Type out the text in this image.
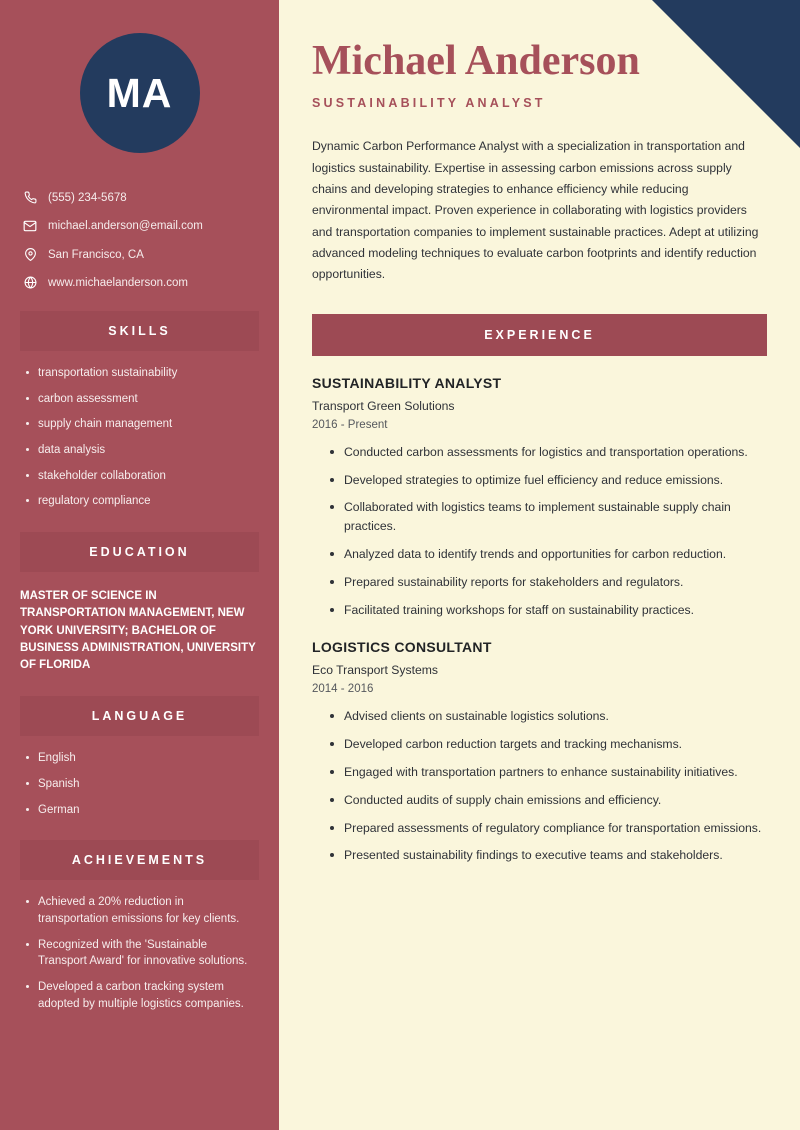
MA
(555) 234-5678
michael.anderson@email.com
San Francisco, CA
www.michaelanderson.com
SKILLS
transportation sustainability
carbon assessment
supply chain management
data analysis
stakeholder collaboration
regulatory compliance
EDUCATION
MASTER OF SCIENCE IN TRANSPORTATION MANAGEMENT, NEW YORK UNIVERSITY; BACHELOR OF BUSINESS ADMINISTRATION, UNIVERSITY OF FLORIDA
LANGUAGE
English
Spanish
German
ACHIEVEMENTS
Achieved a 20% reduction in transportation emissions for key clients.
Recognized with the 'Sustainable Transport Award' for innovative solutions.
Developed a carbon tracking system adopted by multiple logistics companies.
Michael Anderson
SUSTAINABILITY ANALYST

Dynamic Carbon Performance Analyst with a specialization in transportation and logistics sustainability. Expertise in assessing carbon emissions across supply chains and developing strategies to enhance efficiency while reducing environmental impact. Proven experience in collaborating with logistics providers and transportation companies to implement sustainable practices. Adept at utilizing advanced modeling techniques to evaluate carbon footprints and identify reduction opportunities.

EXPERIENCE
SUSTAINABILITY ANALYST
Transport Green Solutions
2016 - Present
Conducted carbon assessments for logistics and transportation operations.
Developed strategies to optimize fuel efficiency and reduce emissions.
Collaborated with logistics teams to implement sustainable supply chain practices.
Analyzed data to identify trends and opportunities for carbon reduction.
Prepared sustainability reports for stakeholders and regulators.
Facilitated training workshops for staff on sustainability practices.
LOGISTICS CONSULTANT
Eco Transport Systems
2014 - 2016
Advised clients on sustainable logistics solutions.
Developed carbon reduction targets and tracking mechanisms.
Engaged with transportation partners to enhance sustainability initiatives.
Conducted audits of supply chain emissions and efficiency.
Prepared assessments of regulatory compliance for transportation emissions.
Presented sustainability findings to executive teams and stakeholders.
